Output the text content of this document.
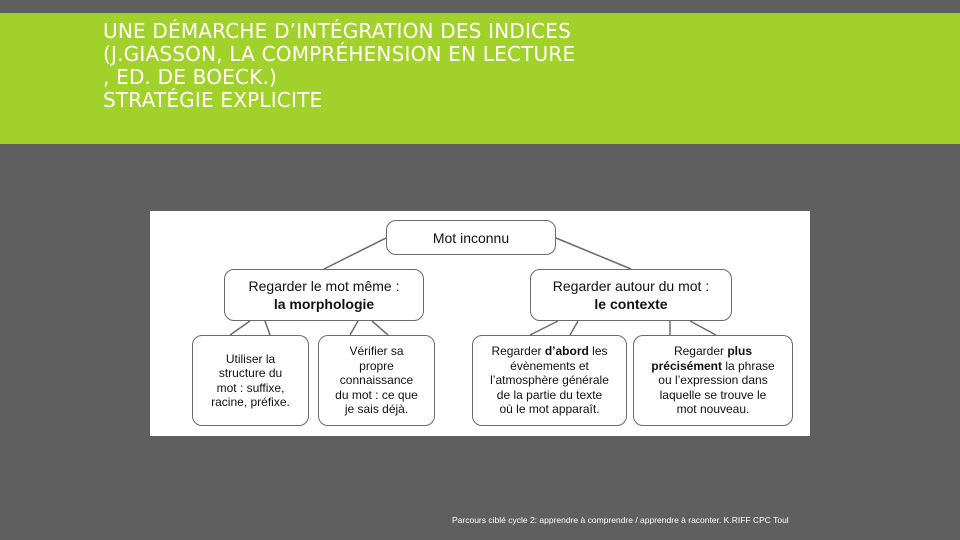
UNE DÉMARCHE D’INTÉGRATION DES INDICES
(J.GIASSON, LA COMPRÉHENSION EN LECTURE
, ED. DE BOECK.)
STRATÉGIE EXPLICITE
Mot inconnu
Regarder le mot même :
la morphologie
Regarder autour du mot :
le contexte
Utiliser la
structure du
mot : suffixe,
racine, préfixe.
Vérifier sa
propre
connaissance
du mot : ce que
je sais déjà.
Regarder d’abord les
évènements et
l’atmosphère générale
de la partie du texte
où le mot apparaît.
Regarder plus
précisément la phrase
ou l’expression dans
laquelle se trouve le
mot nouveau.
Parcours ciblé cycle 2: apprendre à comprendre / apprendre à raconter. K.RIFF CPC Toul
